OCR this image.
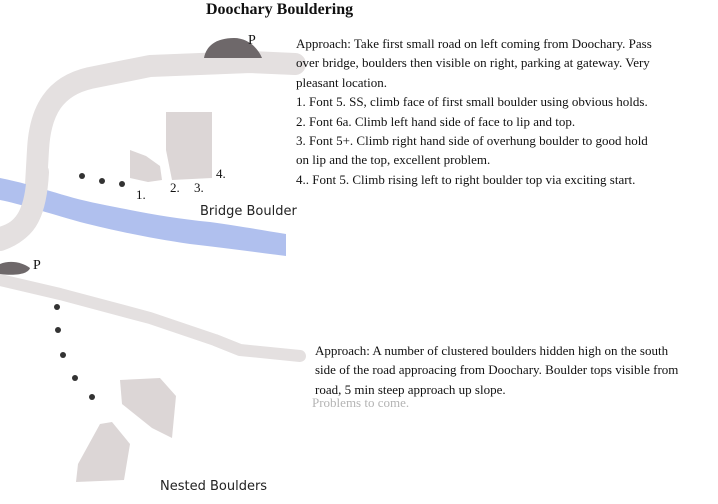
Doochary Bouldering
P
P
1. 2. 3.
4.
Bridge Boulder
Nested Boulders
Approach: Take first small road on left coming from Doochary. Pass
over bridge, boulders then visible on right, parking at gateway. Very
pleasant location.
1. Font 5. SS, climb face of first small boulder using obvious holds.
2. Font 6a. Climb left hand side of face to lip and top.
3. Font 5+. Climb right hand side of overhung boulder to good hold
on lip and the top, excellent problem.
4.. Font 5. Climb rising left to right boulder top via exciting start.
Approach: A number of clustered boulders hidden high on the south
side of the road approacing from Doochary. Boulder tops visible from
road, 5 min steep approach up slope.
Problems to come.
